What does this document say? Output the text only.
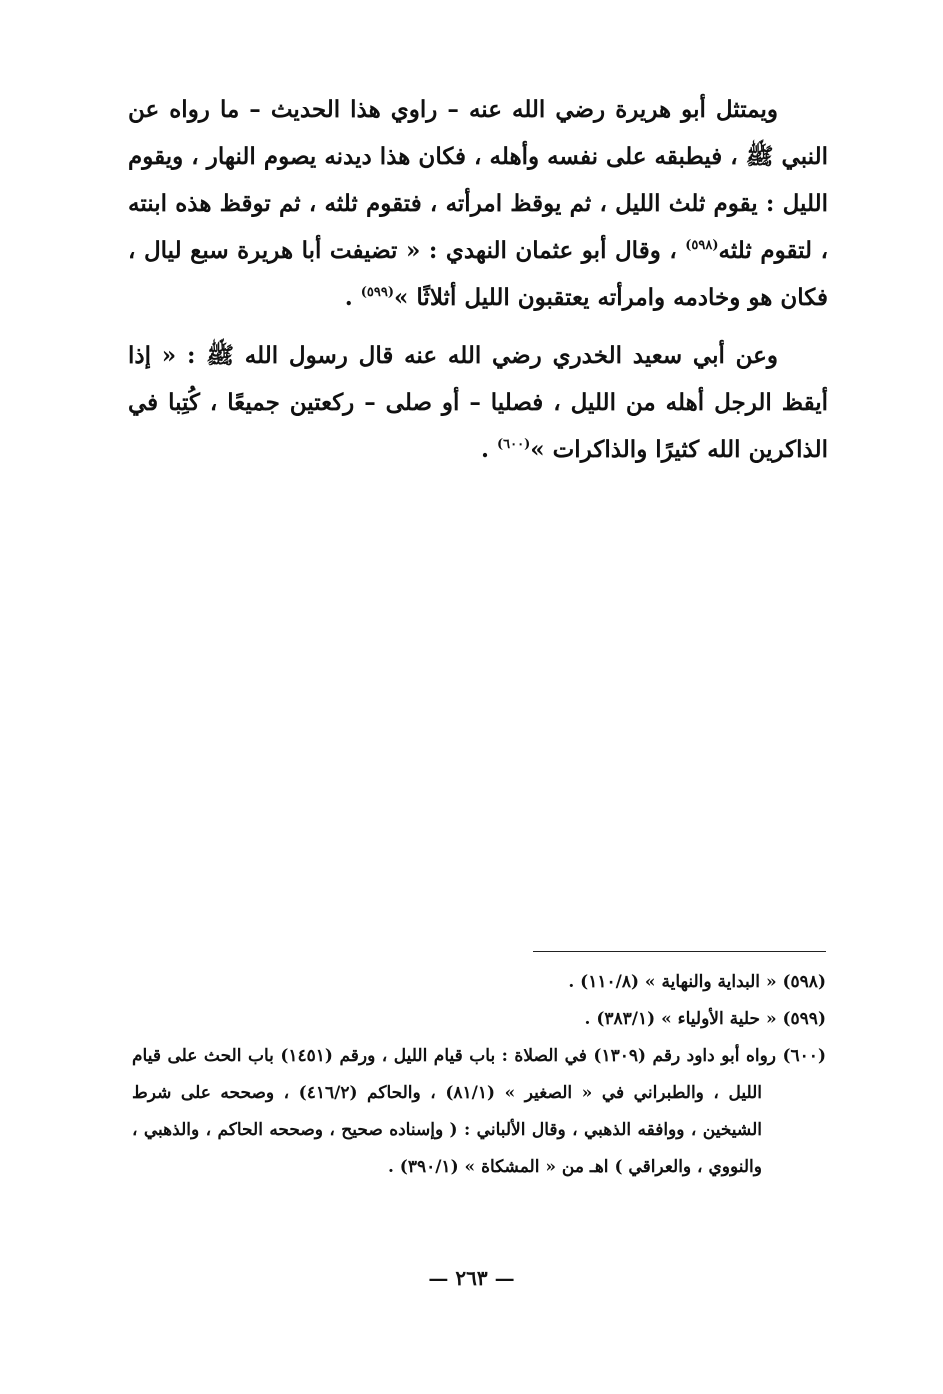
ويمتثل أبو هريرة رضي الله عنه – راوي هذا الحديث – ما رواه عن النبي ﷺ ، فيطبقه على نفسه وأهله ، فكان هذا ديدنه يصوم النهار ، ويقوم الليل : يقوم ثلث الليل ، ثم يوقظ امرأته ، فتقوم ثلثه ، ثم توقظ هذه ابنته ، لتقوم ثلثه$^{(٥٩٨)}$ ، وقال أبو عثمان النهدي : « تضيفت أبا هريرة سبع ليال ، فكان هو وخادمه وامرأته يعتقبون الليل أثلاثًا »$^{(٥٩٩)}$ .

وعن أبي سعيد الخدري رضي الله عنه قال رسول الله ﷺ : « إذا أيقظ الرجل أهله من الليل ، فصليا – أو صلى – ركعتين جميعًا ، كُتِبا في الذاكرين الله كثيرًا والذاكرات »$^{(٦٠٠)}$ .

(٥٩٨) « البداية والنهاية » (١١٠/٨) .

(٥٩٩) « حلية الأولياء » (٣٨٣/١) .

(٦٠٠) رواه أبو داود رقم (١٣٠٩) في الصلاة : باب قيام الليل ، ورقم (١٤٥١) باب الحث على قيام الليل ، والطبراني في « الصغير » (٨١/١) ، والحاكم (٤١٦/٢) ، وصححه على شرط الشيخين ، ووافقه الذهبي ، وقال الألباني : ( وإسناده صحيح ، وصححه الحاكم ، والذهبي ، والنووي ، والعراقي ) اهـ من « المشكاة » (٣٩٠/١) .

— ٢٦٣ —
